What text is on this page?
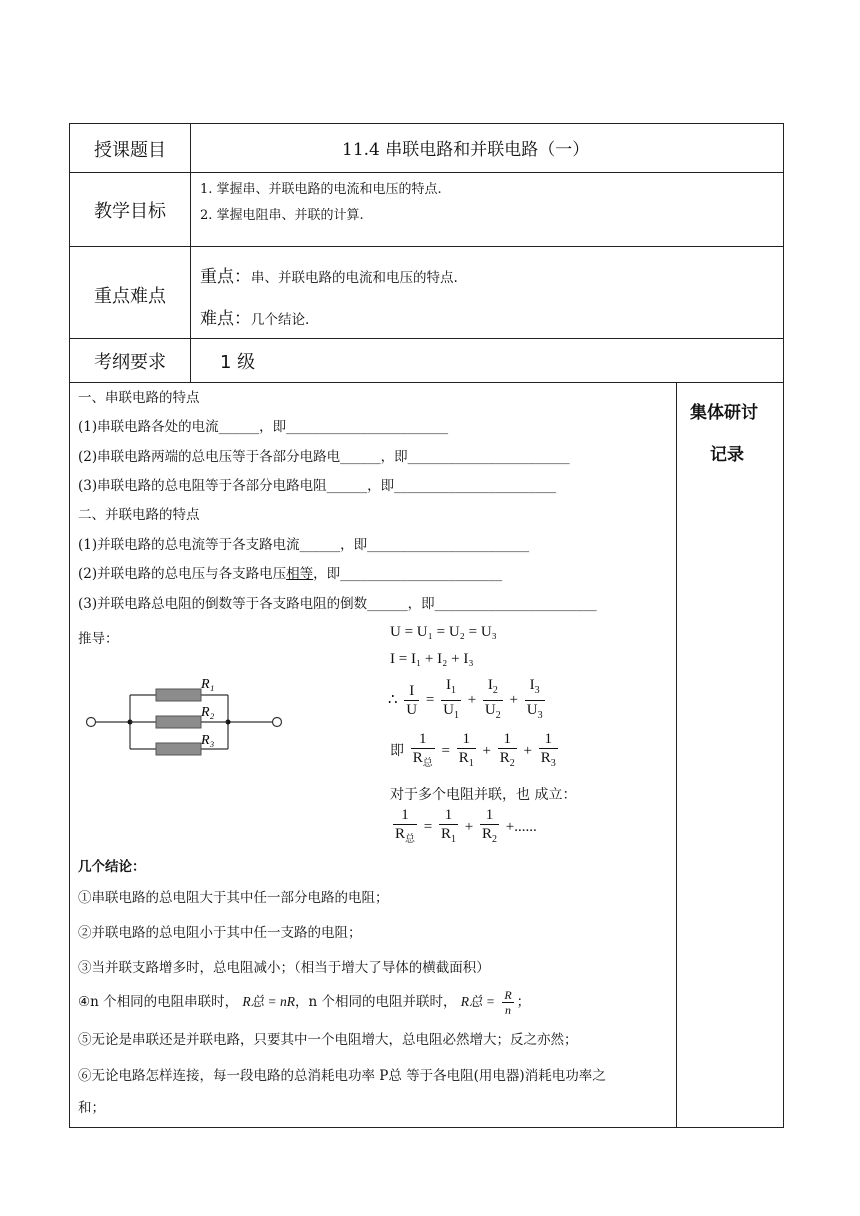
授课题目	11.4 串联电路和并联电路（一）
教学目标
1. 掌握串、并联电路的电流和电压的特点.
2. 掌握电阻串、并联的计算.
重点难点
重点：串、并联电路的电流和电压的特点.
难点：几个结论.
考纲要求	1 级
集体研讨
记录
一、串联电路的特点
(1)串联电路各处的电流______，即________________________
(2)串联电路两端的总电压等于各部分电路电______，即________________________
(3)串联电路的总电阻等于各部分电路电阻______，即________________________
二、并联电路的特点
(1)并联电路的总电流等于各支路电流______，即________________________
(2)并联电路的总电压与各支路电压相等，即________________________
(3)并联电路总电阻的倒数等于各支路电阻的倒数______，即________________________
推导：
R₁
R₂
R₃
U = U₁ = U₂ = U₃
I = I₁ + I₂ + I₃
∴ $\frac{I}{U} = \frac{I_1}{U_1} + \frac{I_2}{U_2} + \frac{I_3}{U_3}$
即 $\frac{1}{R_总} = \frac{1}{R_1} + \frac{1}{R_2} + \frac{1}{R_3}$
对于多个电阻并联，也 成立：
$\frac{1}{R_总} = \frac{1}{R_1} + \frac{1}{R_2}$ +......
几个结论：
①串联电路的总电阻大于其中任一部分电路的电阻；
②并联电路的总电阻小于其中任一支路的电阻；
③当并联支路增多时，总电阻减小；（相当于增大了导体的横截面积）
④n 个相同的电阻串联时， R总 = nR，n 个相同的电阻并联时， R总 = $\frac{R}{n}$ ；
⑤无论是串联还是并联电路，只要其中一个电阻增大，总电阻必然增大；反之亦然；
⑥无论电路怎样连接，每一段电路的总消耗电功率 P总 等于各电阻(用电器)消耗电功率之
和；
